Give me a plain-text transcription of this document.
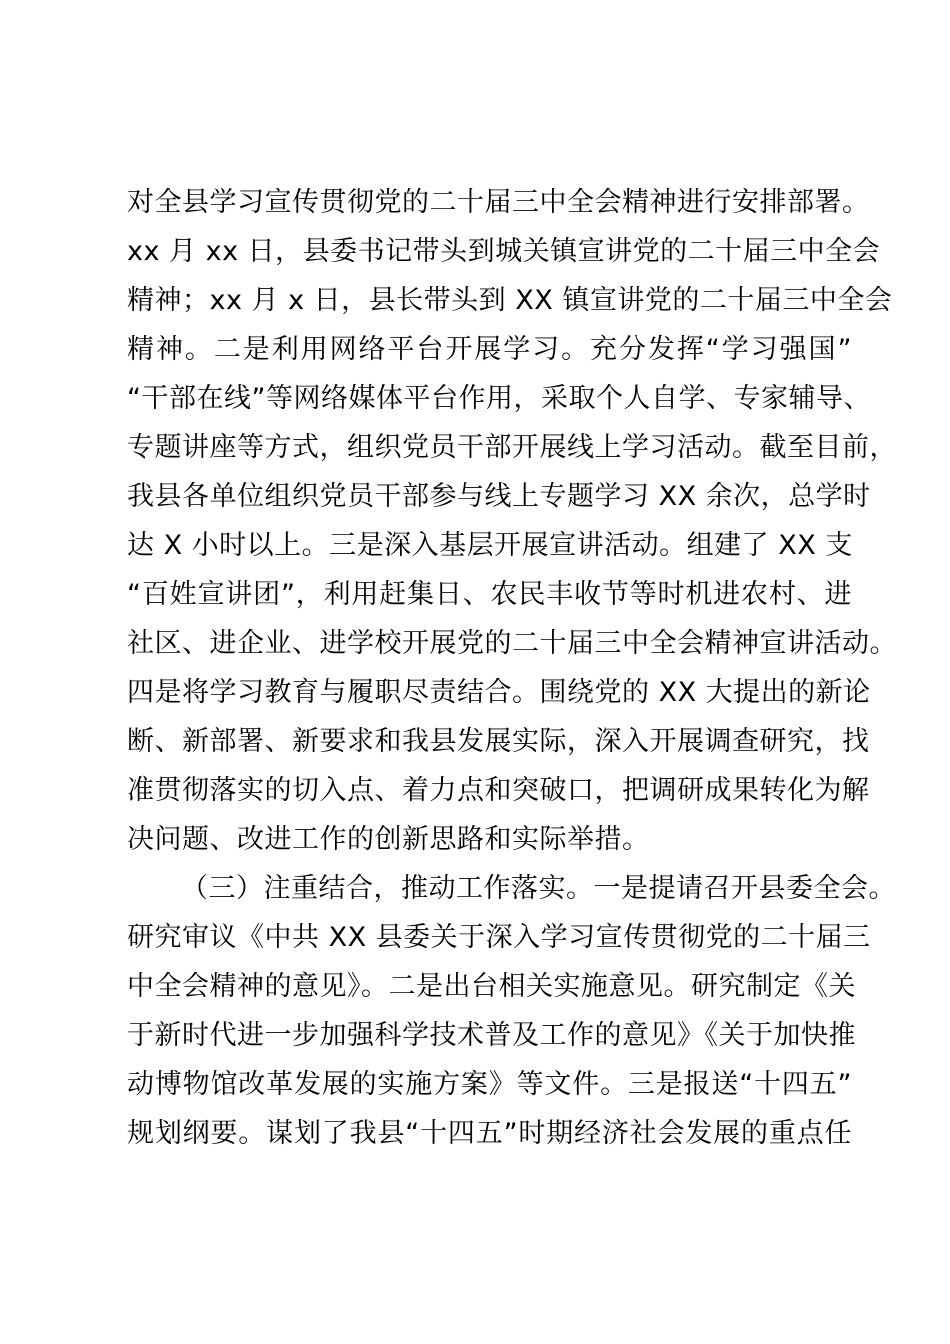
对全县学习宣传贯彻党的二十届三中全会精神进行安排部署。
xx 月 xx 日，县委书记带头到城关镇宣讲党的二十届三中全会
精神；xx 月 x 日，县长带头到 XX 镇宣讲党的二十届三中全会
精神。二是利用网络平台开展学习。充分发挥“学习强国”
“干部在线”等网络媒体平台作用，采取个人自学、专家辅导、
专题讲座等方式，组织党员干部开展线上学习活动。截至目前，
我县各单位组织党员干部参与线上专题学习 XX 余次，总学时
达 X 小时以上。三是深入基层开展宣讲活动。组建了 XX 支
“百姓宣讲团”，利用赶集日、农民丰收节等时机进农村、进
社区、进企业、进学校开展党的二十届三中全会精神宣讲活动。
四是将学习教育与履职尽责结合。围绕党的 XX 大提出的新论
断、新部署、新要求和我县发展实际，深入开展调查研究，找
准贯彻落实的切入点、着力点和突破口，把调研成果转化为解
决问题、改进工作的创新思路和实际举措。
（三）注重结合，推动工作落实。一是提请召开县委全会。
研究审议《中共 XX 县委关于深入学习宣传贯彻党的二十届三
中全会精神的意见》。二是出台相关实施意见。研究制定《关
于新时代进一步加强科学技术普及工作的意见》《关于加快推
动博物馆改革发展的实施方案》等文件。三是报送“十四五”
规划纲要。谋划了我县“十四五”时期经济社会发展的重点任
